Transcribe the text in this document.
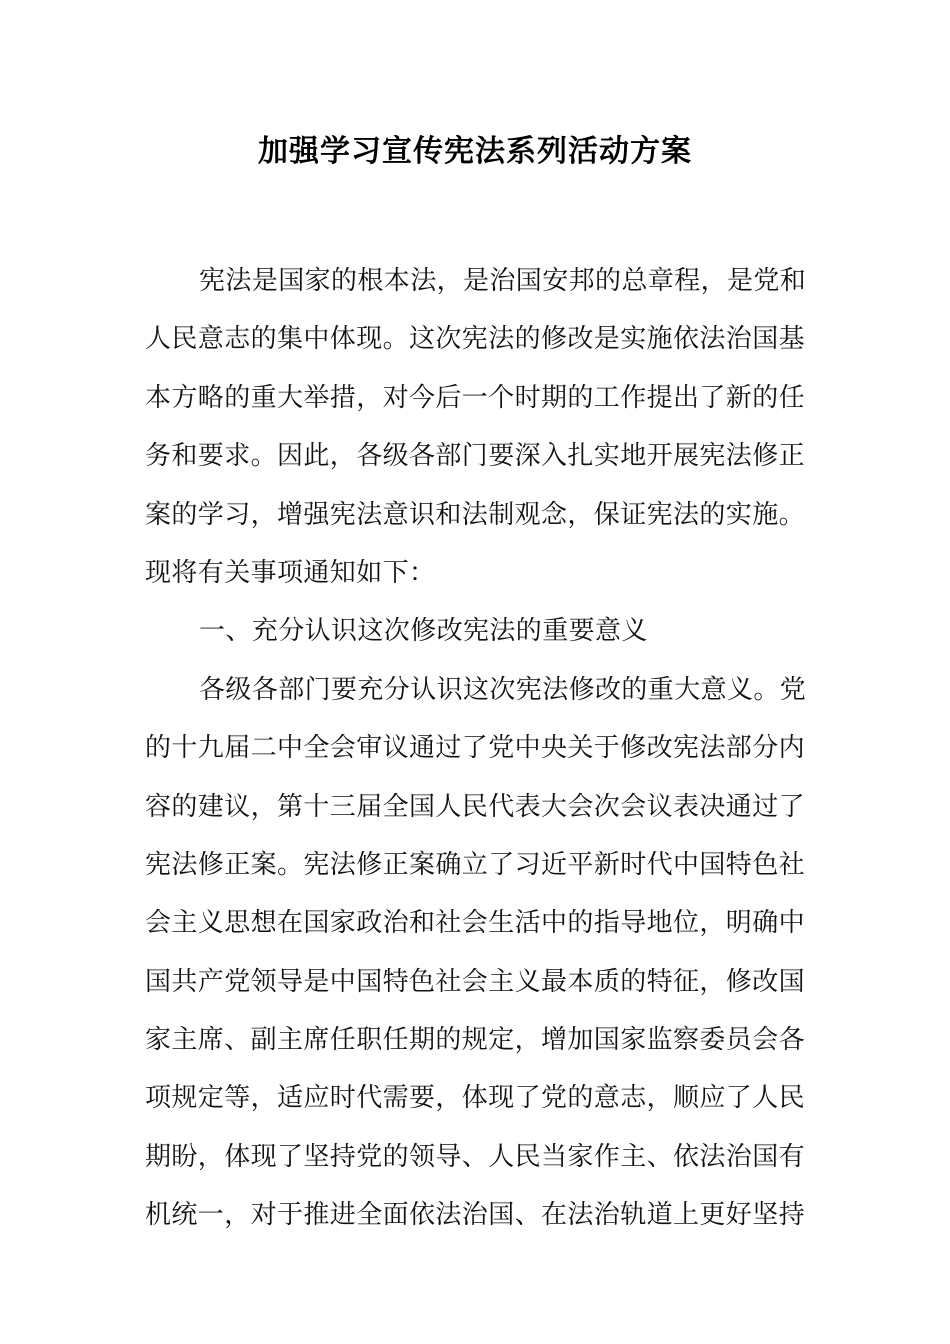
加强学习宣传宪法系列活动方案
宪法是国家的根本法，是治国安邦的总章程，是党和
人民意志的集中体现。这次宪法的修改是实施依法治国基
本方略的重大举措，对今后一个时期的工作提出了新的任
务和要求。因此，各级各部门要深入扎实地开展宪法修正
案的学习，增强宪法意识和法制观念，保证宪法的实施。
现将有关事项通知如下：
一、充分认识这次修改宪法的重要意义
各级各部门要充分认识这次宪法修改的重大意义。党
的十九届二中全会审议通过了党中央关于修改宪法部分内
容的建议，第十三届全国人民代表大会次会议表决通过了
宪法修正案。宪法修正案确立了习近平新时代中国特色社
会主义思想在国家政治和社会生活中的指导地位，明确中
国共产党领导是中国特色社会主义最本质的特征，修改国
家主席、副主席任职任期的规定，增加国家监察委员会各
项规定等，适应时代需要，体现了党的意志，顺应了人民
期盼，体现了坚持党的领导、人民当家作主、依法治国有
机统一，对于推进全面依法治国、在法治轨道上更好坚持
